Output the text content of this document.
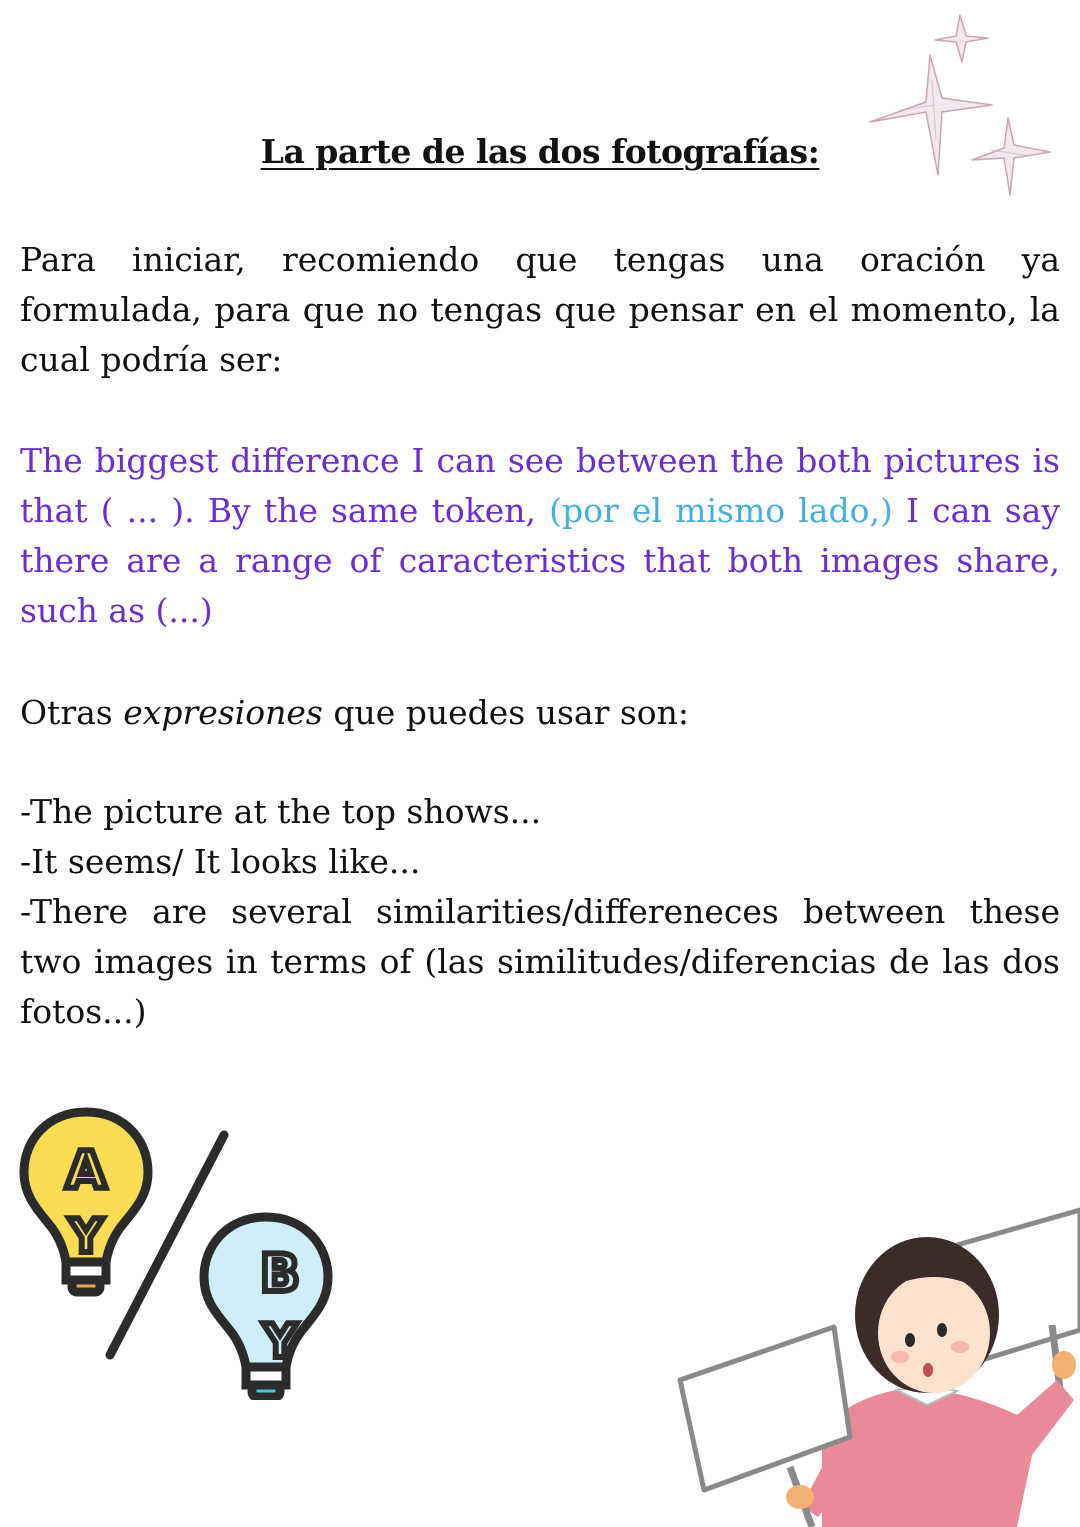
La parte de las dos fotografías:

Para iniciar, recomiendo que tengas una oración ya formulada, para que no tengas que pensar en el momento, la cual podría ser:

The biggest difference I can see between the both pictures is that ( ... ). By the same token, (por el mismo lado,) I can say there are a range of caracteristics that both images share, such as (...)

Otras expresiones que puedes usar son:

-The picture at the top shows...
-It seems/ It looks like...
-There are several similarities/differeneces between these two images in terms of (las similitudes/diferencias de las dos fotos...)
A
Y
B
Y
